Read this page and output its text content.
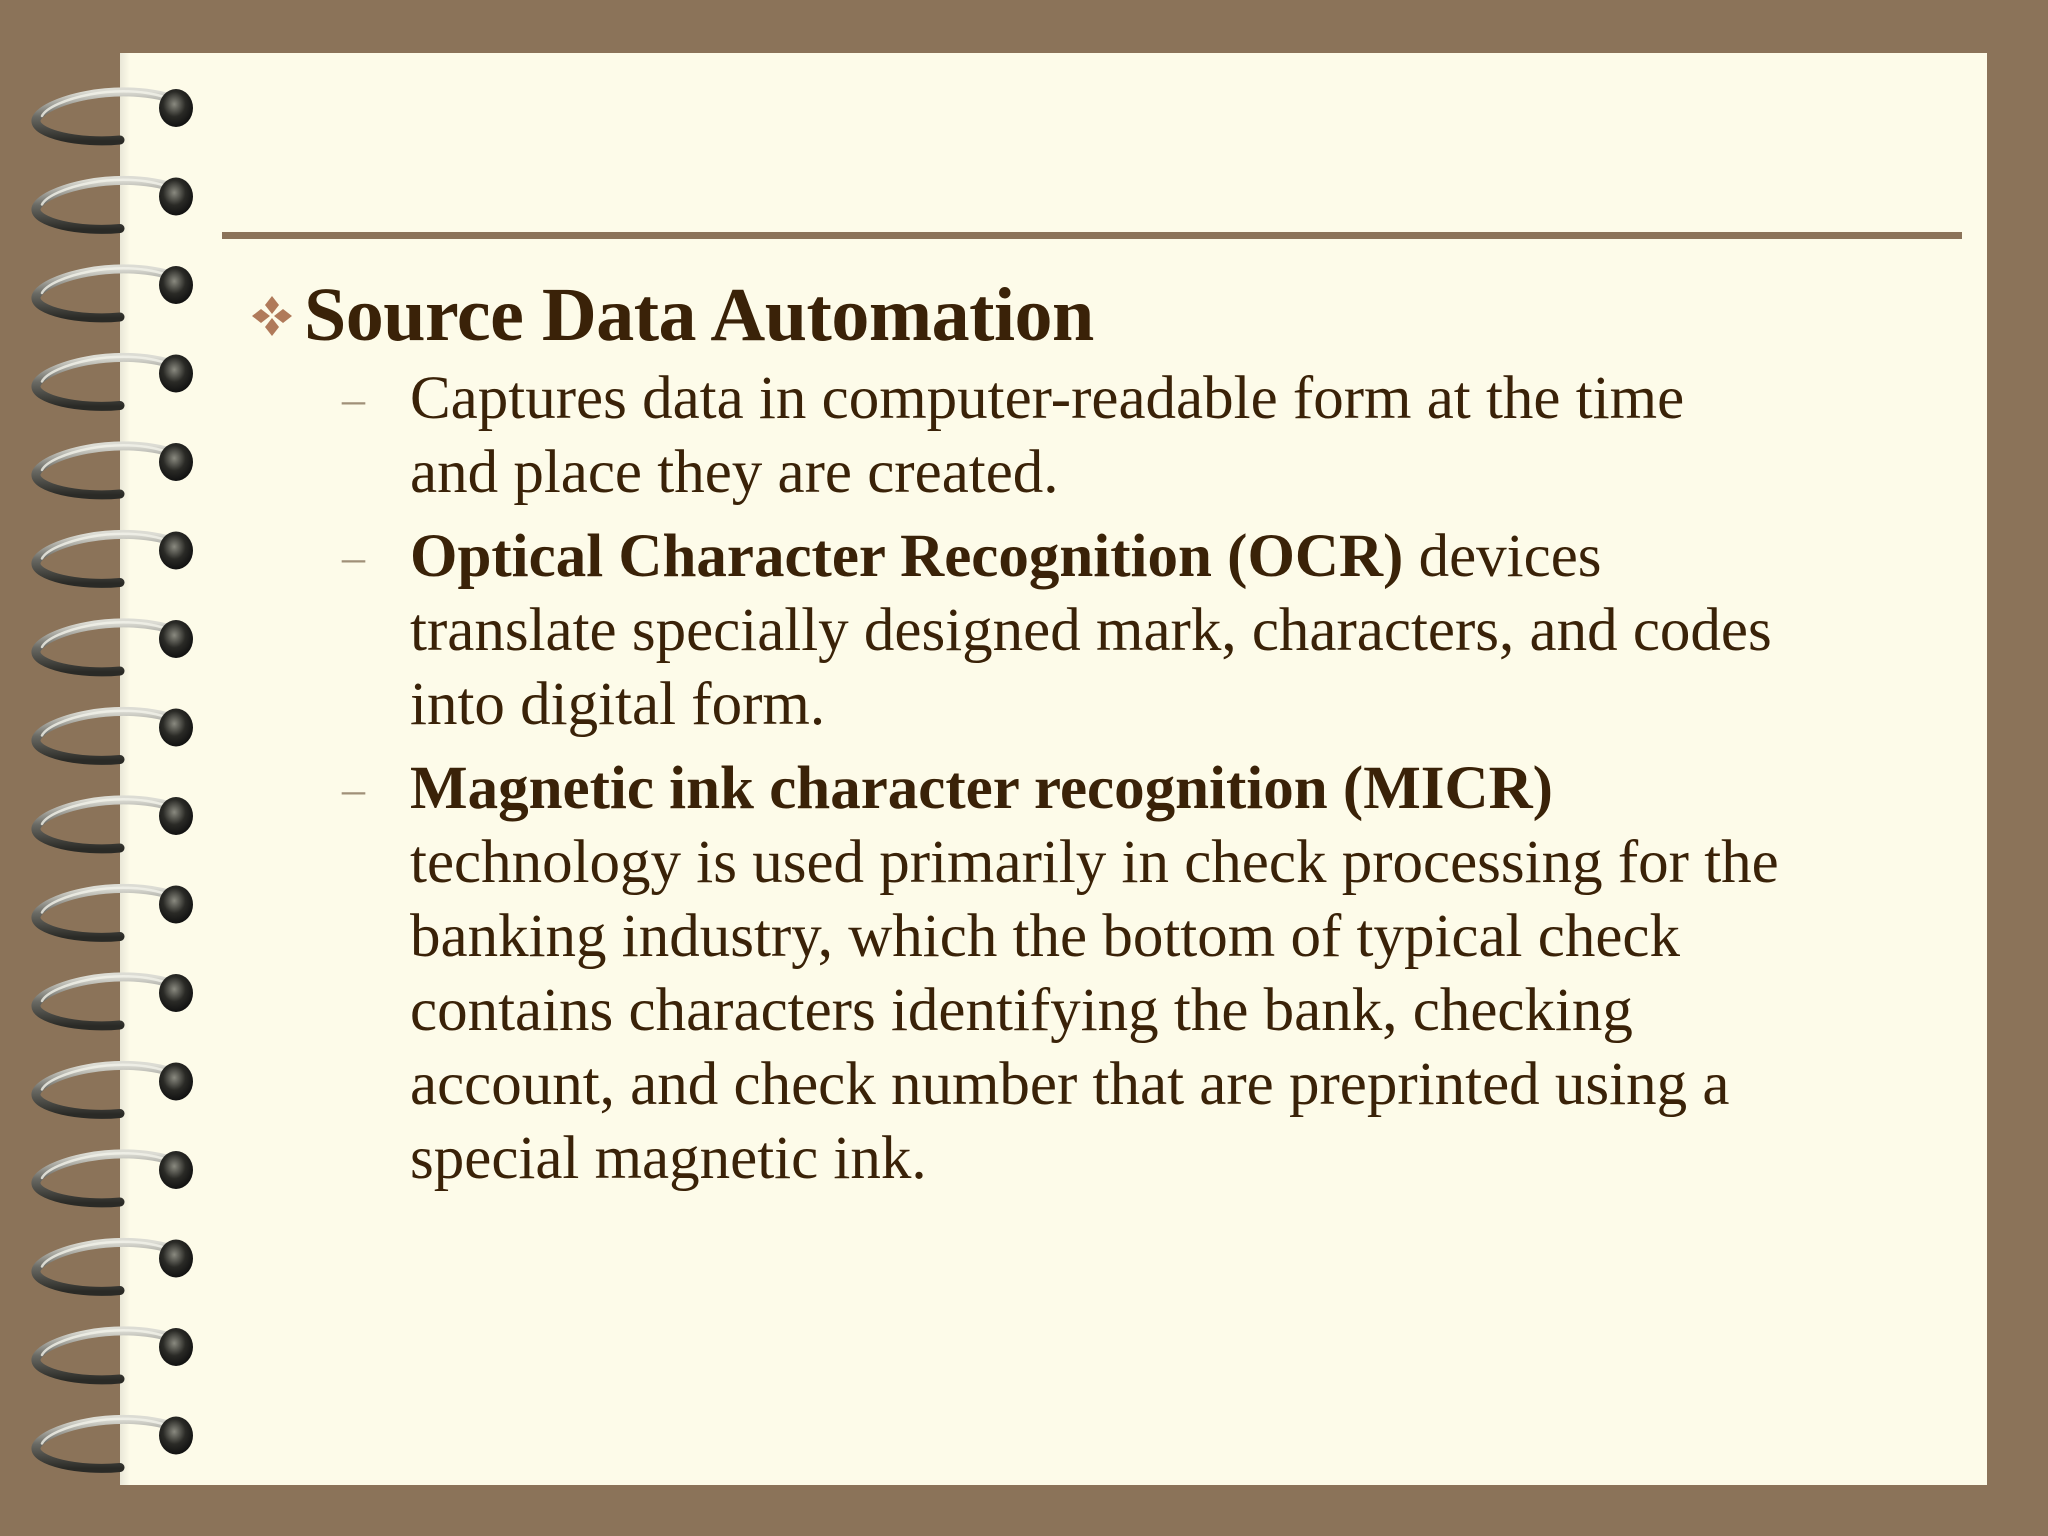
Source Data Automation
– Captures data in computer-readable form at the time
and place they are created.
– Optical Character Recognition (OCR) devices
translate specially designed mark, characters, and codes
into digital form.
– Magnetic ink character recognition (MICR)
technology is used primarily in check processing for the
banking industry, which the bottom of typical check
contains characters identifying the bank, checking
account, and check number that are preprinted using a
special magnetic ink.
